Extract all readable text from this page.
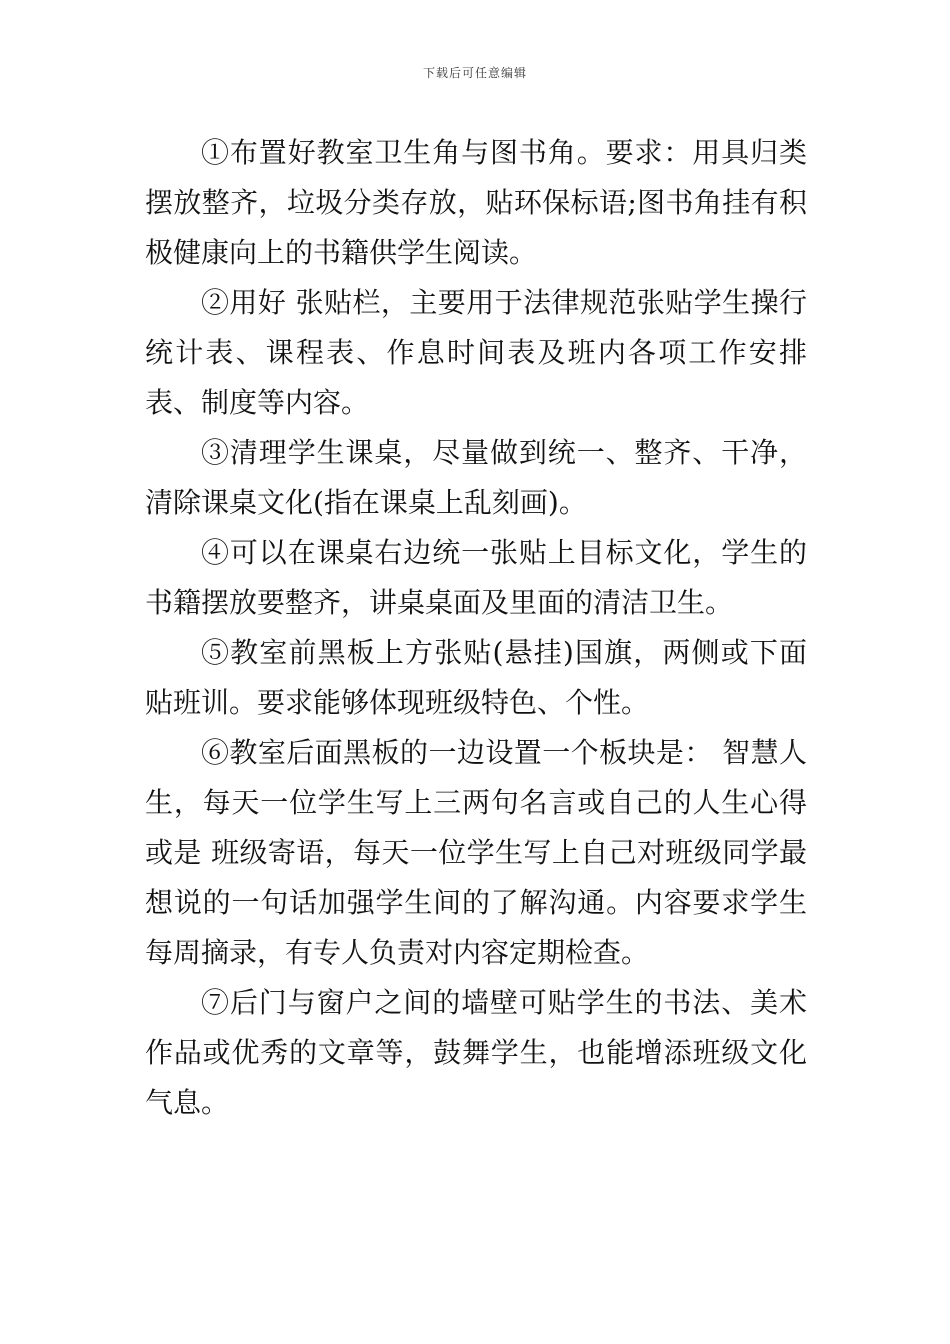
下载后可任意编辑

①布置好教室卫生角与图书角。要求：用具归类摆放整齐，垃圾分类存放，贴环保标语;图书角挂有积极健康向上的书籍供学生阅读。

②用好 张贴栏，主要用于法律规范张贴学生操行统计表、课程表、作息时间表及班内各项工作安排表、制度等内容。

③清理学生课桌，尽量做到统一、整齐、干净，清除课桌文化(指在课桌上乱刻画)。

④可以在课桌右边统一张贴上目标文化，学生的书籍摆放要整齐，讲桌桌面及里面的清洁卫生。

⑤教室前黑板上方张贴(悬挂)国旗，两侧或下面贴班训。要求能够体现班级特色、个性。

⑥教室后面黑板的一边设置一个板块是： 智慧人生，每天一位学生写上三两句名言或自己的人生心得或是 班级寄语，每天一位学生写上自己对班级同学最想说的一句话加强学生间的了解沟通。内容要求学生每周摘录，有专人负责对内容定期检查。

⑦后门与窗户之间的墙壁可贴学生的书法、美术作品或优秀的文章等，鼓舞学生，也能增添班级文化气息。
